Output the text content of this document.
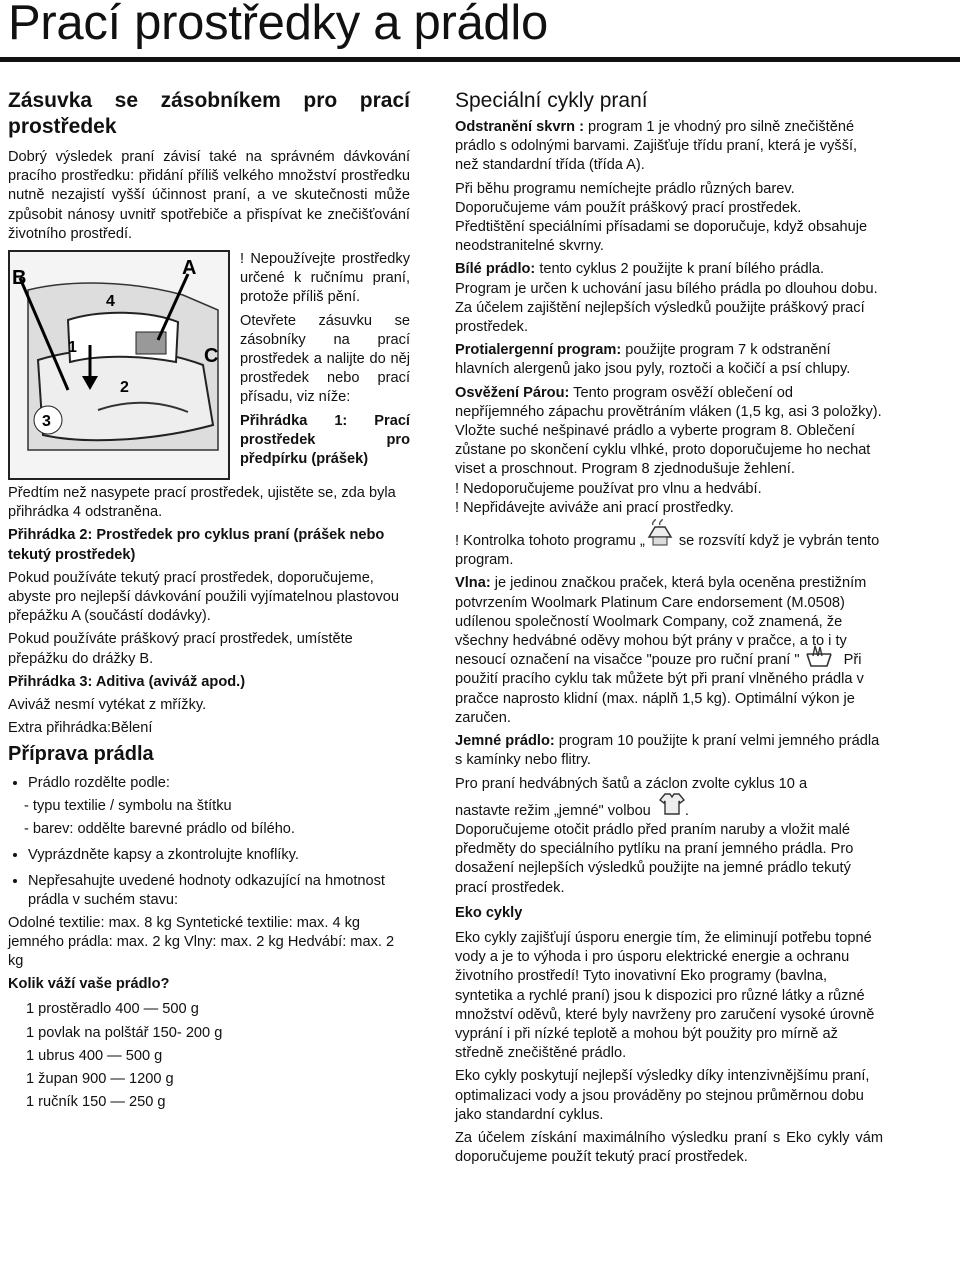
Prací prostředky a prádlo
Zásuvka se zásobníkem pro prací prostředek

Dobrý výsledek praní závisí také na správném dávkování pracího prostředku: přidání příliš velkého množství prostředku nutně nezajistí vyšší účinnost praní, a ve skutečnosti může způsobit nánosy uvnitř spotřebiče a přispívat ke znečišťování životního prostředí.

B	A
4
1	C
2
3

! Nepoužívejte prostředky určené k ručnímu praní, protože příliš pění.

Otevřete zásuvku se zásobníky na prací prostředek a nalijte do něj prostředek nebo prací přísadu, viz níže:

Přihrádka 1: Prací prostředek pro předpírku (prášek)

Předtím než nasypete prací prostředek, ujistěte se, zda byla přihrádka 4 odstraněna.

Přihrádka 2: Prostředek pro cyklus praní (prášek nebo tekutý prostředek)

Pokud používáte tekutý prací prostředek, doporučujeme, abyste pro nejlepší dávkování použili vyjímatelnou plastovou přepážku A (součástí dodávky).

Pokud používáte práškový prací prostředek, umístěte přepážku do drážky B.

Přihrádka 3: Aditiva (aviváž apod.)

Aviváž nesmí vytékat z mřížky.

Extra přihrádka:Bělení

Příprava prádla
• Prádlo rozdělte podle:
- typu textilie / symbolu na štítku
- barev: oddělte barevné prádlo od bílého.
• Vyprázdněte kapsy a zkontrolujte knoflíky.
• Nepřesahujte uvedené hodnoty odkazující na hmotnost prádla v suchém stavu:

Odolné textilie: max. 8 kg Syntetické textilie: max. 4 kg jemného prádla: max. 2 kg Vlny: max. 2 kg Hedvábí: max. 2 kg

Kolik váží vaše prádlo?

1 prostěradlo 400 — 500 g
1 povlak na polštář 150- 200 g
1 ubrus 400 — 500 g
1 župan 900 — 1200 g
1 ručník 150 — 250 g
Speciální cykly praní

Odstranění skvrn : program 1 je vhodný pro silně znečištěné prádlo s odolnými barvami. Zajišťuje třídu praní, která je vyšší, než standardní třída (třída A).

Při běhu programu nemíchejte prádlo různých barev.

Doporučujeme vám použít práškový prací prostředek.

Předtištění speciálními přísadami se doporučuje, když obsahuje neodstranitelné skvrny.

Bílé prádlo: tento cyklus 2 použijte k praní bílého prádla. Program je určen k uchování jasu bílého prádla po dlouhou dobu. Za účelem zajištění nejlepších výsledků použijte práškový prací prostředek.

Protialergenní program: použijte program 7 k odstranění hlavních alergenů jako jsou pyly, roztoči a kočičí a psí chlupy.

Osvěžení Párou: Tento program osvěží oblečení od nepříjemného zápachu provětráním vláken (1,5 kg, asi 3 položky). Vložte suché nešpinavé prádlo a vyberte program 8. Oblečení zůstane po skončení cyklu vlhké, proto doporučujeme ho nechat viset a proschnout. Program 8 zjednodušuje žehlení.

! Nedoporučujeme používat pro vlnu a hedvábí.

! Nepřidávejte aviváže ani prací prostředky.

! Kontrolka tohoto programu „ se rozsvítí když je vybrán tento program.

Vlna: je jedinou značkou praček, která byla oceněna prestižním potvrzením Woolmark Platinum Care endorsement (M.0508) udílenou společností Woolmark Company, což znamená, že všechny hedvábné oděvy mohou být prány v pračce, a to i ty nesoucí označení na visačce "pouze pro ruční praní "	Při použití pracího cyklu tak můžete být při praní vlněného prádla v pračce naprosto klidní (max. náplň 1,5 kg). Optimální výkon je zaručen.

Jemné prádlo: program 10 použijte k praní velmi jemného prádla s kamínky nebo flitry.

Pro praní hedvábných šatů a záclon zvolte cyklus 10 a

nastavte režim „jemné" volbou .

Doporučujeme otočit prádlo před praním naruby a vložit malé předměty do speciálního pytlíku na praní jemného prádla. Pro dosažení nejlepších výsledků použijte na jemné prádlo tekutý prací prostředek.

Eko cykly

Eko cykly zajišťují úsporu energie tím, že eliminují potřebu topné vody a je to výhoda i pro úsporu elektrické energie a ochranu životního prostředí! Tyto inovativní Eko programy (bavlna, syntetika a rychlé praní) jsou k dispozici pro různé látky a různé množství oděvů, které byly navrženy pro zaručení vysoké úrovně vyprání i při nízké teplotě a mohou být použity pro mírně až středně znečištěné prádlo.

Eko cykly poskytují nejlepší výsledky díky intenzivnějšímu praní, optimalizaci vody a jsou prováděny po stejnou průměrnou dobu jako standardní cyklus.

Za účelem získání maximálního výsledku praní s Eko cykly vám doporučujeme použít tekutý prací prostředek.
